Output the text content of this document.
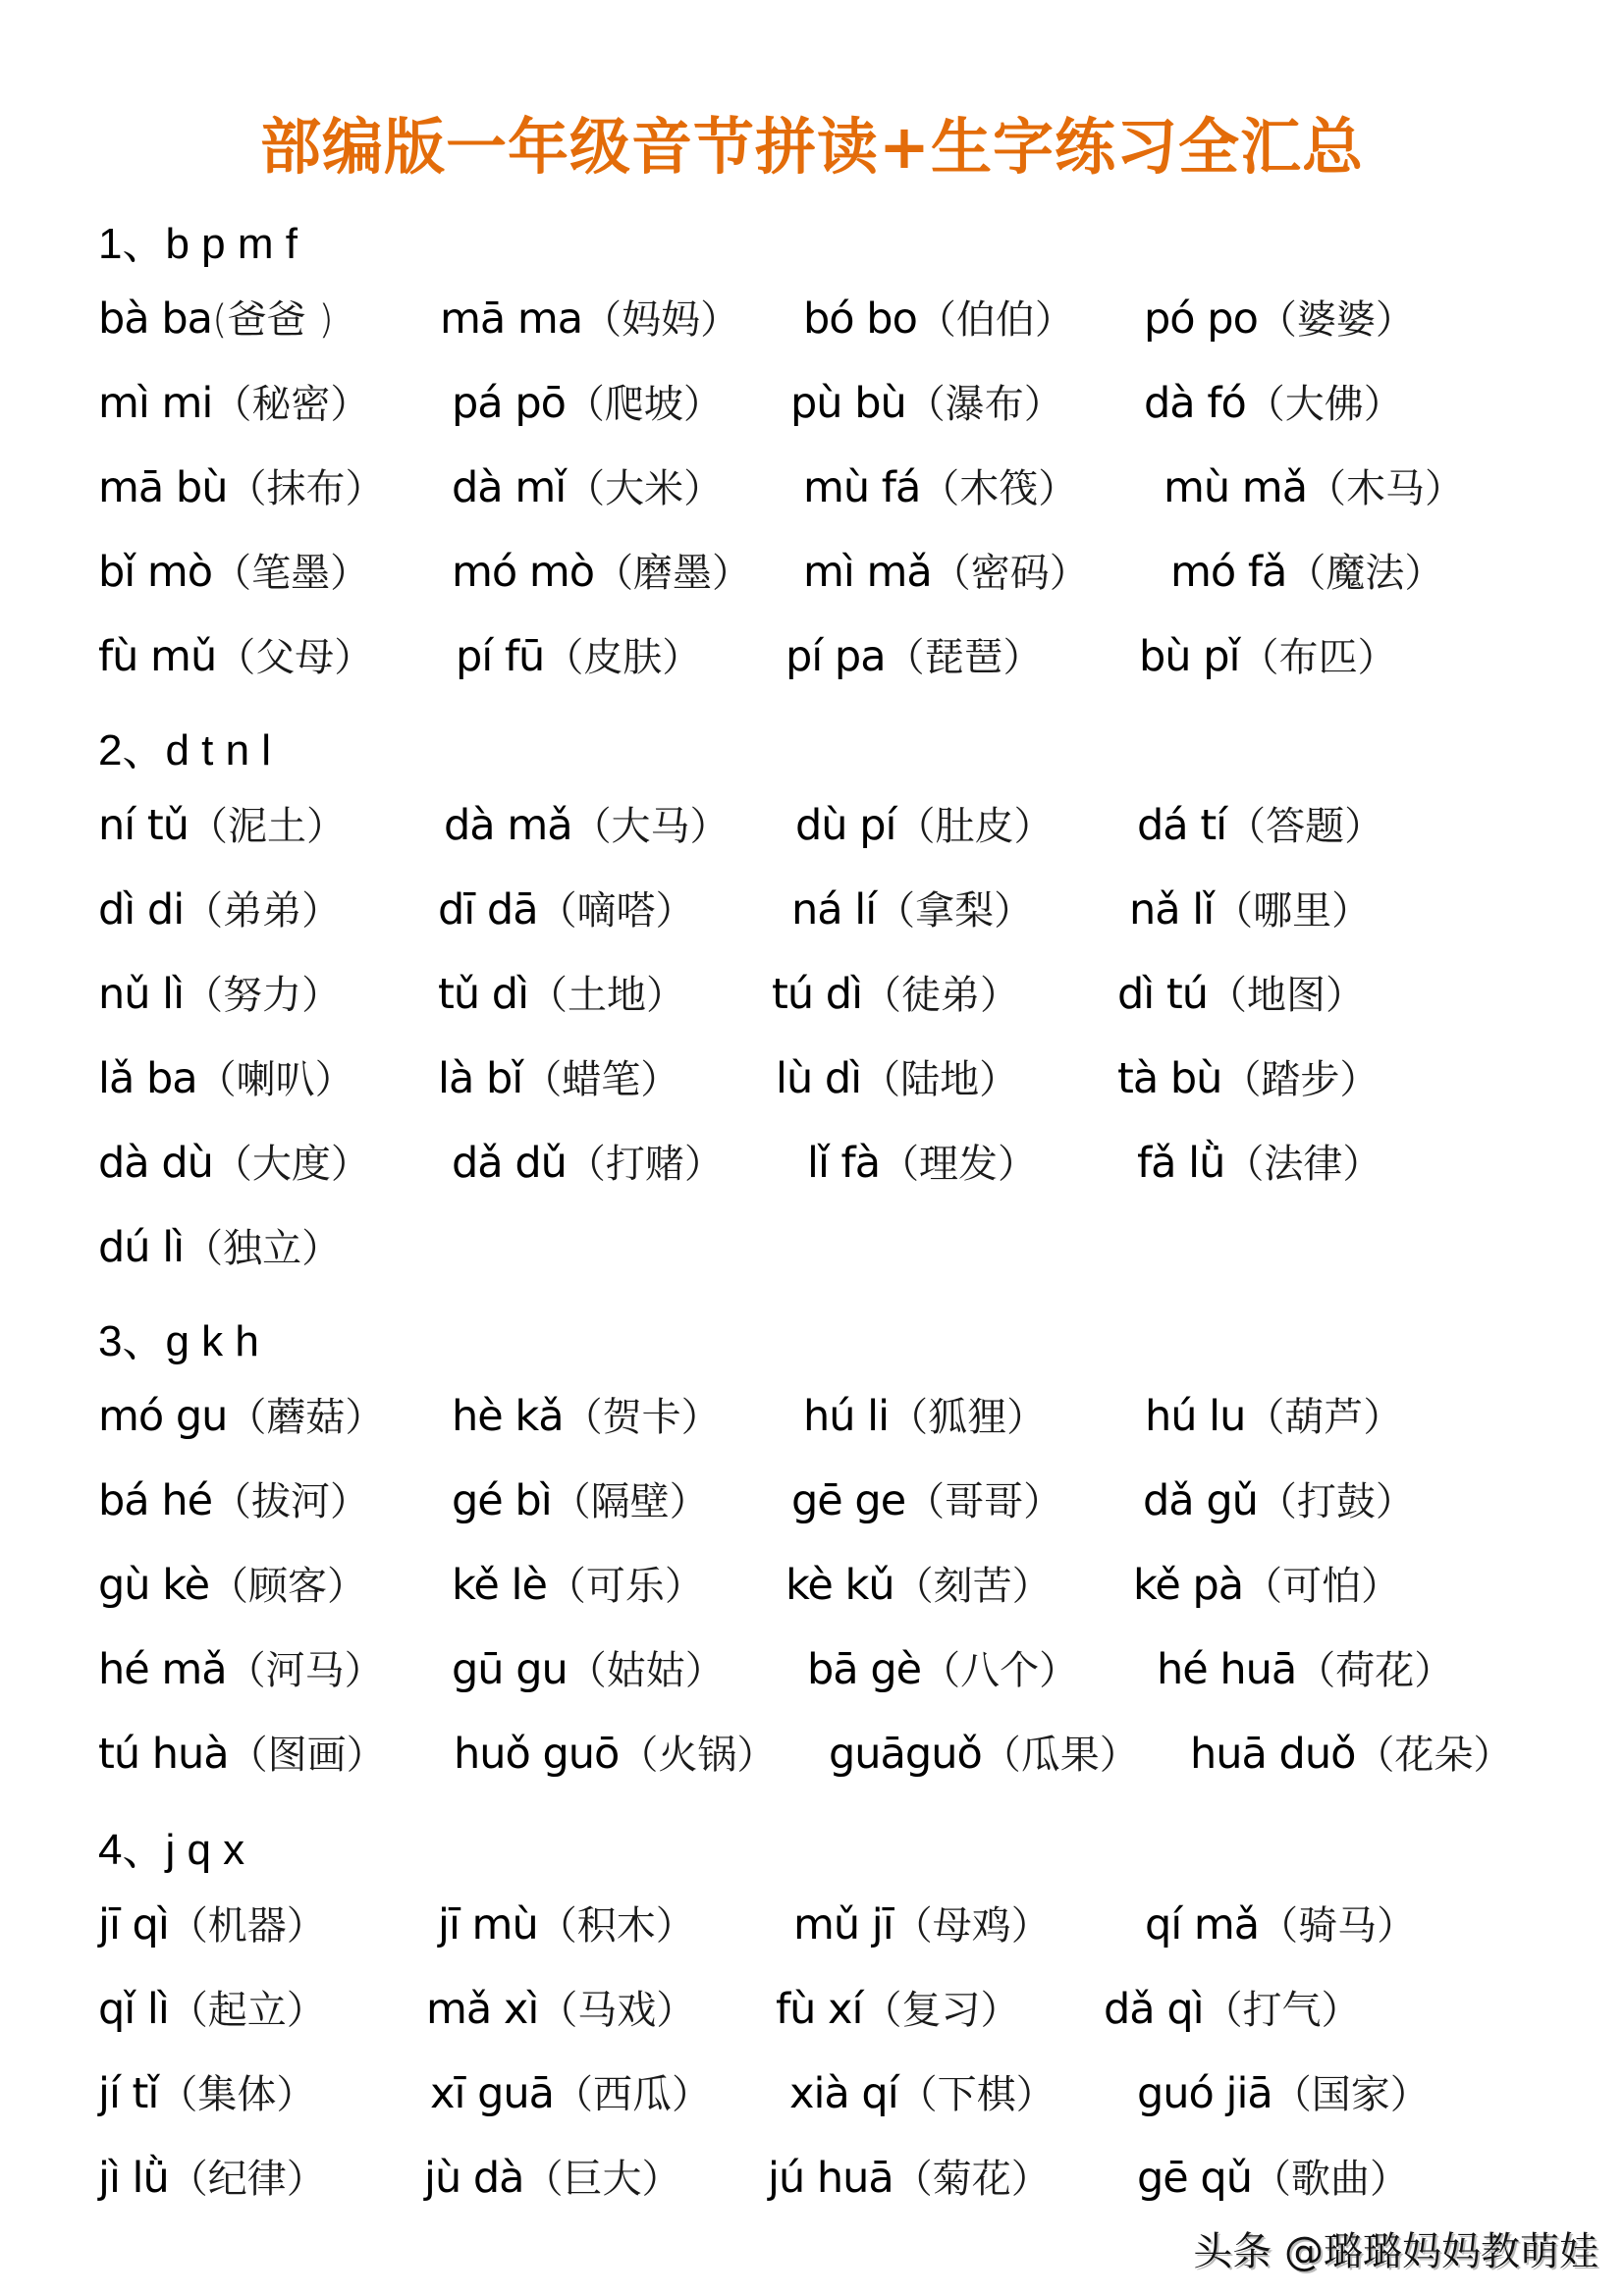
部编版一年级音节拼读+生字练习全汇总
1、b p m f
bà ba(爸爸 )	mā ma（妈妈） bó bo（伯伯） pó po（婆婆）
mì mi（秘密） pá pō（爬坡） pù bù（瀑布） dà fó（大佛）
mā bù（抹布） dà mǐ（大米） mù fá（木筏） mù mǎ（木马）
bǐ mò（笔墨） mó mò（磨墨） mì mǎ（密码） mó fǎ（魔法）
fù mǔ（父母） pí fū（皮肤） pí pa（琵琶） bù pǐ（布匹）
2、d t n l
ní tǔ（泥土） dà mǎ（大马） dù pí（肚皮） dá tí（答题）
dì di（弟弟） dī dā（嘀嗒） ná lí（拿梨） nǎ lǐ（哪里）
nǔ lì（努力） tǔ dì（土地） tú dì（徒弟） dì tú（地图）
lǎ ba（喇叭） là bǐ（蜡笔） lù dì（陆地） tà bù（踏步）
dà dù（大度） dǎ dǔ（打赌） lǐ fà（理发） fǎ lǜ（法律）
dú lì（独立）
3、g k h
mó gu（蘑菇） hè kǎ（贺卡） hú li（狐狸） hú lu（葫芦）
bá hé（拔河） gé bì（隔壁） gē ge（哥哥） dǎ gǔ（打鼓）
gù kè（顾客） kě lè（可乐） kè kǔ（刻苦） kě pà（可怕）
hé mǎ（河马） gū gu（姑姑） bā gè（八个） hé huā（荷花）
tú huà（图画） huǒ guō（火锅） guāguǒ（瓜果） huā duǒ（花朵）
4、j q x
jī qì（机器）	jī mù（积木） mǔ jī（母鸡） qí mǎ（骑马）
qǐ lì（起立） mǎ xì（马戏） fù xí（复习） dǎ qì（打气）
jí tǐ（集体）	xī guā（西瓜） xià qí（下棋） guó jiā（国家）
jì lǜ（纪律） jù dà（巨大） jú huā（菊花） gē qǔ（歌曲）
头条 @璐璐妈妈教萌娃
